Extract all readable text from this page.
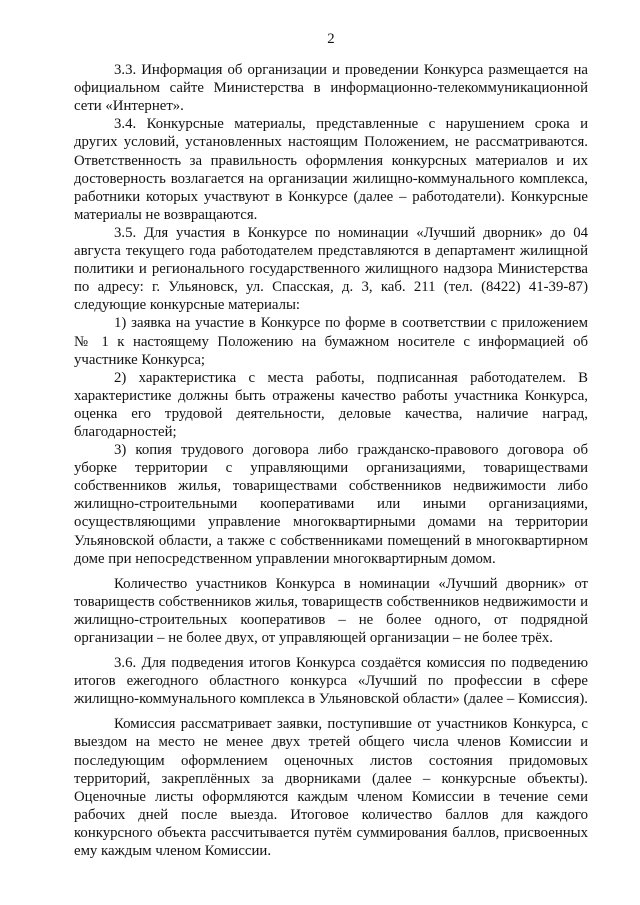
2

3.3. Информация об организации и проведении Конкурса размещается на официальном сайте Министерства в информационно-телекоммуникационной сети «Интернет».

3.4. Конкурсные материалы, представленные с нарушением срока и других условий, установленных настоящим Положением, не рассматриваются. Ответственность за правильность оформления конкурсных материалов и их достоверность возлагается на организации жилищно-коммунального комплекса, работники которых участвуют в Конкурсе (далее – работодатели). Конкурсные материалы не возвращаются.

3.5. Для участия в Конкурсе по номинации «Лучший дворник» до 04 августа текущего года работодателем представляются в департамент жилищной политики и регионального государственного жилищного надзора Министерства по адресу: г. Ульяновск, ул. Спасская, д. 3, каб. 211 (тел. (8422) 41-39-87) следующие конкурсные материалы:

1) заявка на участие в Конкурсе по форме в соответствии с приложением № 1 к настоящему Положению на бумажном носителе с информацией об участнике Конкурса;

2) характеристика с места работы, подписанная работодателем. В характеристике должны быть отражены качество работы участника Конкурса, оценка его трудовой деятельности, деловые качества, наличие наград, благодарностей;

3) копия трудового договора либо гражданско-правового договора об уборке территории с управляющими организациями, товариществами собственников жилья, товариществами собственников недвижимости либо жилищно-строительными кооперативами или иными организациями, осуществляющими управление многоквартирными домами на территории Ульяновской области, а также с собственниками помещений в многоквартирном доме при непосредственном управлении многоквартирным домом.

Количество участников Конкурса в номинации «Лучший дворник» от товариществ собственников жилья, товариществ собственников недвижимости и жилищно-строительных кооперативов – не более одного, от подрядной организации – не более двух, от управляющей организации – не более трёх.

3.6. Для подведения итогов Конкурса создаётся комиссия по подведению итогов ежегодного областного конкурса «Лучший по профессии в сфере жилищно-коммунального комплекса в Ульяновской области» (далее – Комиссия).

Комиссия рассматривает заявки, поступившие от участников Конкурса, с выездом на место не менее двух третей общего числа членов Комиссии и последующим оформлением оценочных листов состояния придомовых территорий, закреплённых за дворниками (далее – конкурсные объекты). Оценочные листы оформляются каждым членом Комиссии в течение семи рабочих дней после выезда. Итоговое количество баллов для каждого конкурсного объекта рассчитывается путём суммирования баллов, присвоенных ему каждым членом Комиссии.
